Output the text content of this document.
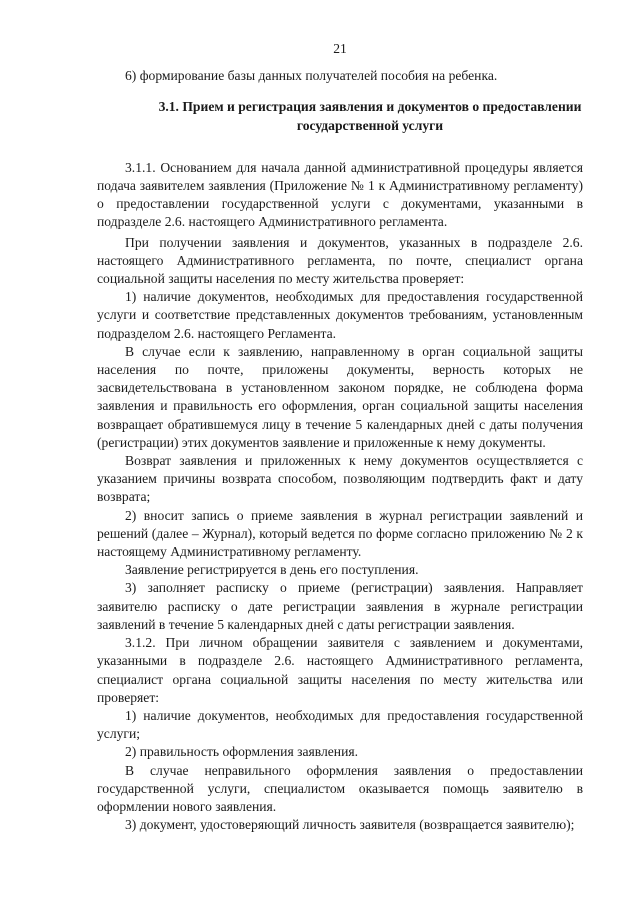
21

6) формирование базы данных получателей пособия на ребенка.

3.1. Прием и регистрация заявления и документов о предоставлении государственной услуги

3.1.1. Основанием для начала данной административной процедуры является подача заявителем заявления (Приложение № 1 к Административному регламенту) о предоставлении государственной услуги с документами, указанными в подразделе 2.6. настоящего Административного регламента.

При получении заявления и документов, указанных в подразделе 2.6. настоящего Административного регламента, по почте, специалист органа социальной защиты населения по месту жительства проверяет:

1) наличие документов, необходимых для предоставления государственной услуги и соответствие представленных документов требованиям, установленным подразделом 2.6. настоящего Регламента.

В случае если к заявлению, направленному в орган социальной защиты населения по почте, приложены документы, верность которых не засвидетельствована в установленном законом порядке, не соблюдена форма заявления и правильность его оформления, орган социальной защиты населения возвращает обратившемуся лицу в течение 5 календарных дней с даты получения (регистрации) этих документов заявление и приложенные к нему документы.

Возврат заявления и приложенных к нему документов осуществляется с указанием причины возврата способом, позволяющим подтвердить факт и дату возврата;

2) вносит запись о приеме заявления в журнал регистрации заявлений и решений (далее – Журнал), который ведется по форме согласно приложению № 2 к настоящему Административному регламенту.

Заявление регистрируется в день его поступления.

3) заполняет расписку о приеме (регистрации) заявления. Направляет заявителю расписку о дате регистрации заявления в журнале регистрации заявлений в течение 5 календарных дней с даты регистрации заявления.

3.1.2. При личном обращении заявителя с заявлением и документами, указанными в подразделе 2.6. настоящего Административного регламента, специалист органа социальной защиты населения по месту жительства или проверяет:

1) наличие документов, необходимых для предоставления государственной услуги;

2) правильность оформления заявления.

В случае неправильного оформления заявления о предоставлении государственной услуги, специалистом оказывается помощь заявителю в оформлении нового заявления.

3) документ, удостоверяющий личность заявителя (возвращается заявителю);
